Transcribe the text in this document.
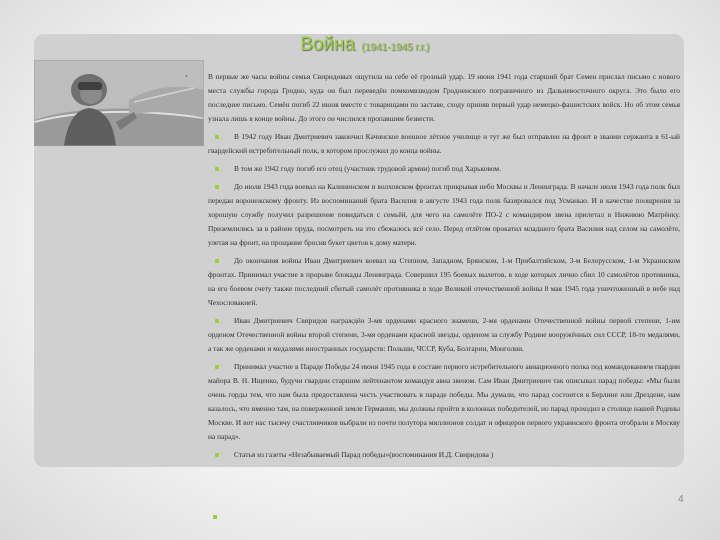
Война (1941-1945 г.г.)
•	В первые же часы войны семья Свиридовых ощутила на себе её грозный удар. 19 июня 1941 года старший брат Семен прислал письмо с нового места службы города Гродно, куда он был переведён помкомвзводом Гродненского пограничного из Дальневосточного округа. Это было его последнее письмо. Семён погиб 22 июня вместе с товарищами по заставе, сходу приняв первый удар немецко-фашистских войск. Но об этом семья узнала лишь в конце войны. До этого он числился пропавшим безвести.

В 1942 году Иван Дмитриевич закончил Качинское военное лётное училище и тут же был отправлен на фронт в звании сержанта в 61-ый гвардейский истребительный полк, в котором прослужил до конца войны.

В том же 1942 году погиб его отец (участник трудовой армии) погиб под Харьковом.

До июля 1943 года воевал на Калининском и волховском фронтах прикрывая небо Москвы и Ленинграда. В начале июля 1943 года полк был передан воронежскому фронту. Из воспоминаний брата Василия в августе 1943 года полк базировался под Усманью. И в качестве поощрения за хорошую службу получил разрешение повидаться с семьёй, для чего на самолёте ПО-2 с командиром звена прилетал в Нижнюю Матрёнку. Приземлились за в районе пруда, посмотреть на это сбежалось всё село. Перед отлётом прокатил младшего брата Василия над селом на самолёте, улетая на фронт, на прощание бросив букет цветов к дому матери.

До окончания войны Иван Дмитриевич воевал на Степном, Западном, Брянском, 1-м Прибалтийском, 3-м Белорусском, 1-м Украинском фронтах. Принимал участие в прорыве блокады Ленинграда. Совершил 195 боевых вылетов, в ходе которых лично сбил 10 самолётов противника, на его боевом счету также последний сбитый самолёт противника в ходе Великой отечественной войны 8 мая 1945 года уничтоженный в небе над Чехословакией.

Иван Дмитриевич Свиридов награждён 3-мя орденами красного знамени, 2-мя орденами Отечественной войны первой степени, 1-им орденом Отечественной войны второй степени, 3-мя орденами красной звезды, орденом за службу Родине вооружённых сил СССР, 18-то медалями, а так же орденами и медалями иностранных государств: Польши, ЧССР, Куба, Болгарии, Монголии.

Принимал участие в Параде Победы 24 июня 1945 года в составе первого истребительного авиационного полка под командованием гвардии майора В. Н. Ищенко, будучи гвардии старшим лейтенантом командуя авиа звеном. Сам Иван Дмитриевич так описывал парад победы: «Мы были очень горды тем, что нам была предоставлена честь участвовать в параде победы. Мы думали, что парад состоится в Берлине или Дрездене, нам казалось, что именно там, на поверженной земле Германии, мы должны пройти в колоннах победителей, но парад проходил в столице нашей Родины Москве. И вот нас тысячу счастливчиков выбрали из почти полутора миллионов солдат и офицеров первого украинского фронта отобрали в Москву на парад».

Статья из газеты «Незабываемый Парад победы»(воспоминания И.Д. Свиридова )

4
